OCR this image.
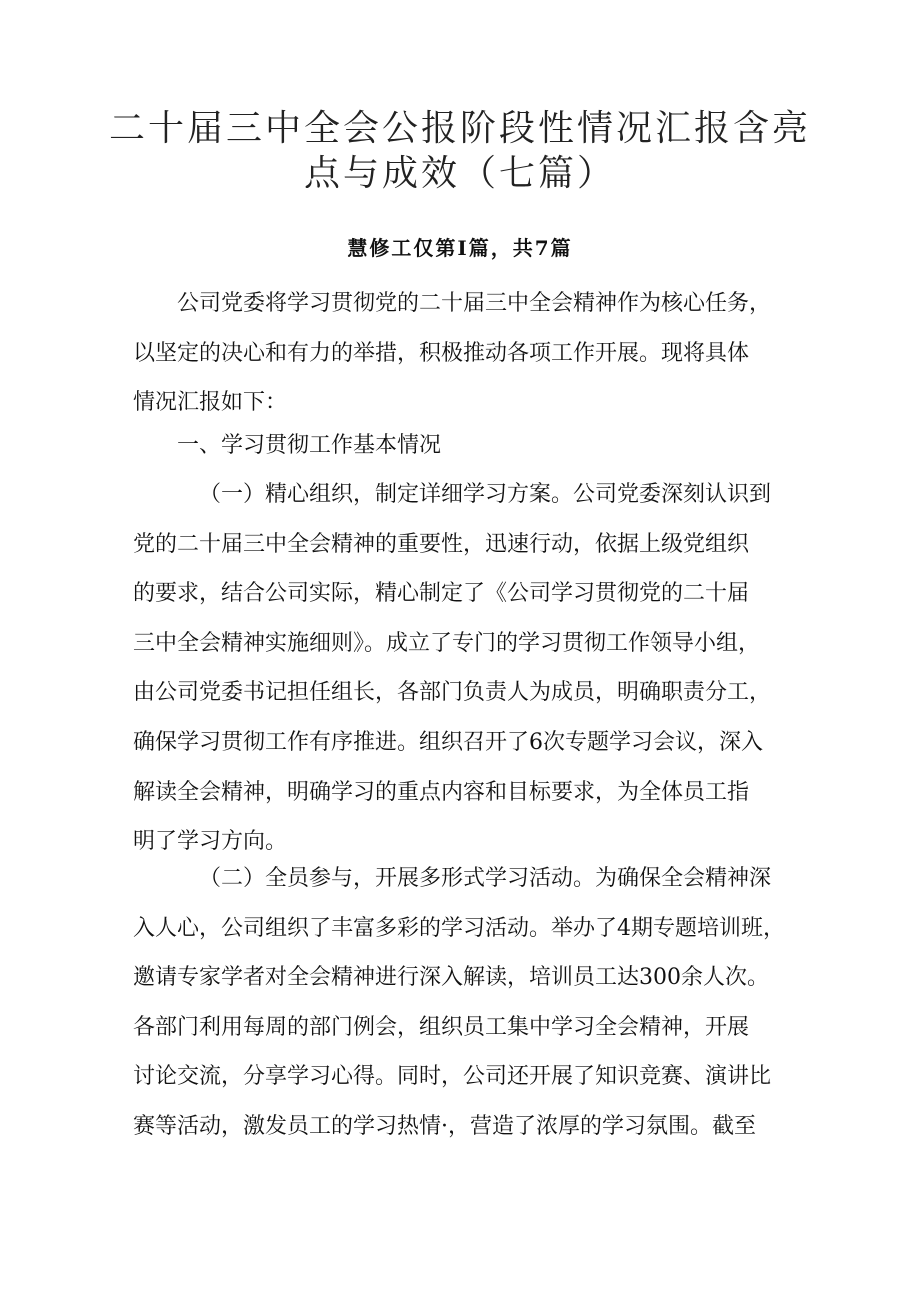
二十届三中全会公报阶段性情况汇报含亮
点与成效（七篇）
慧修工仅第Ⅰ篇，共7篇
公司党委将学习贯彻党的二十届三中全会精神作为核心任务，
以坚定的决心和有力的举措，积极推动各项工作开展。现将具体
情况汇报如下：
一、学习贯彻工作基本情况
（一）精心组织，制定详细学习方案。公司党委深刻认识到
党的二十届三中全会精神的重要性，迅速行动，依据上级党组织
的要求，结合公司实际，精心制定了《公司学习贯彻党的二十届
三中全会精神实施细则》。成立了专门的学习贯彻工作领导小组，
由公司党委书记担任组长，各部门负责人为成员，明确职责分工，
确保学习贯彻工作有序推进。组织召开了6次专题学习会议，深入
解读全会精神，明确学习的重点内容和目标要求，为全体员工指
明了学习方向。
（二）全员参与，开展多形式学习活动。为确保全会精神深
入人心，公司组织了丰富多彩的学习活动。举办了4期专题培训班，
邀请专家学者对全会精神进行深入解读，培训员工达300余人次。
各部门利用每周的部门例会，组织员工集中学习全会精神，开展
讨论交流，分享学习心得。同时，公司还开展了知识竞赛、演讲比
赛等活动，激发员工的学习热情·，营造了浓厚的学习氛围。截至
